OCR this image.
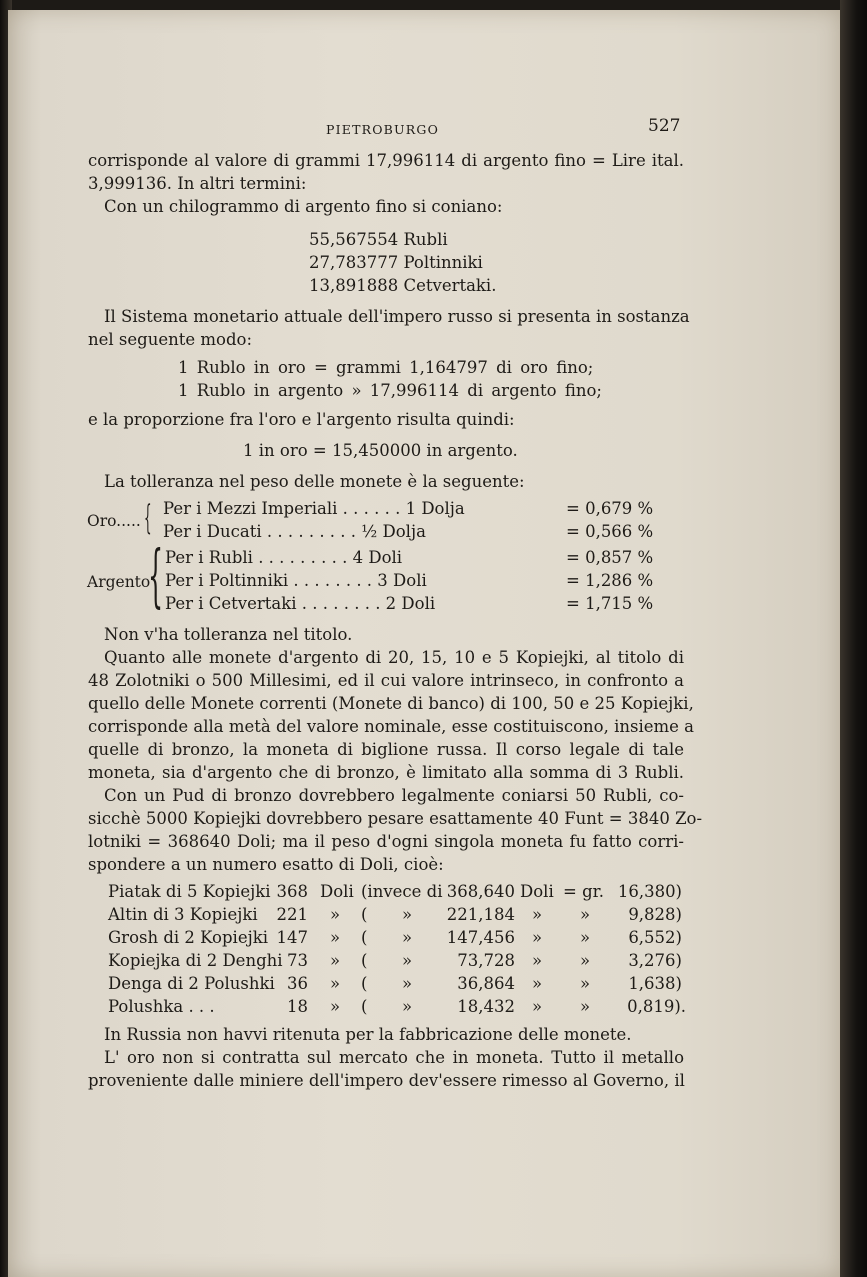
PIETROBURGO	527
corrisponde al valore di grammi 17,996114 di argento fino = Lire ital.
3,999136. In altri termini:
Con un chilogrammo di argento fino si coniano:
55,567554 Rubli
27,783777 Poltinniki
13,891888 Cetvertaki.
Il Sistema monetario attuale dell'impero russo si presenta in sostanza
nel seguente modo:
1 Rublo in oro = grammi 1,164797 di oro fino;
1 Rublo in argento » 17,996114 di argento fino;
e la proporzione fra l'oro e l'argento risulta quindi:
1 in oro = 15,450000 in argento.
La tolleranza nel peso delle monete è la seguente:
Oro..... { Per i Mezzi Imperiali . . . . . . 1 Dolja	= 0,679 %
Per i Ducati . . . . . . . . . ½ Dolja	= 0,566 %
Argento
{ Per i Rubli . . . . . . . . . 4 Doli	= 0,857 %
Per i Poltinniki . . . . . . . . 3 Doli	= 1,286 %
Per i Cetvertaki . . . . . . . . 2 Doli	= 1,715 %
Non v'ha tolleranza nel titolo.
Quanto alle monete d'argento di 20, 15, 10 e 5 Kopiejki, al titolo di
48 Zolotniki o 500 Millesimi, ed il cui valore intrinseco, in confronto a
quello delle Monete correnti (Monete di banco) di 100, 50 e 25 Kopiejki,
corrisponde alla metà del valore nominale, esse costituiscono, insieme a
quelle di bronzo, la moneta di biglione russa. Il corso legale di tale
moneta, sia d'argento che di bronzo, è limitato alla somma di 3 Rubli.
Con un Pud di bronzo dovrebbero legalmente coniarsi 50 Rubli, co-
sicchè 5000 Kopiejki dovrebbero pesare esattamente 40 Funt = 3840 Zo-
lotniki = 368640 Doli; ma il peso d'ogni singola moneta fu fatto corri-
spondere a un numero esatto di Doli, cioè:
Piatak di 5 Kopiejki 368 Doli (invece di 368,640 Doli = gr. 16,380)
Altin di 3 Kopiejki	221 » ( » 221,184 » »	9,828)
Grosh di 2 Kopiejki 147 » ( » 147,456 » »	6,552)
Kopiejka di 2 Denghi 73 » ( »	73,728 » »	3,276)
Denga di 2 Polushki 36 » ( »	36,864 » »	1,638)
Polushka . . .	18 » ( »	18,432 » »	0,819).
In Russia non havvi ritenuta per la fabbricazione delle monete.
L' oro non si contratta sul mercato che in moneta. Tutto il metallo
proveniente dalle miniere dell'impero dev'essere rimesso al Governo, il
